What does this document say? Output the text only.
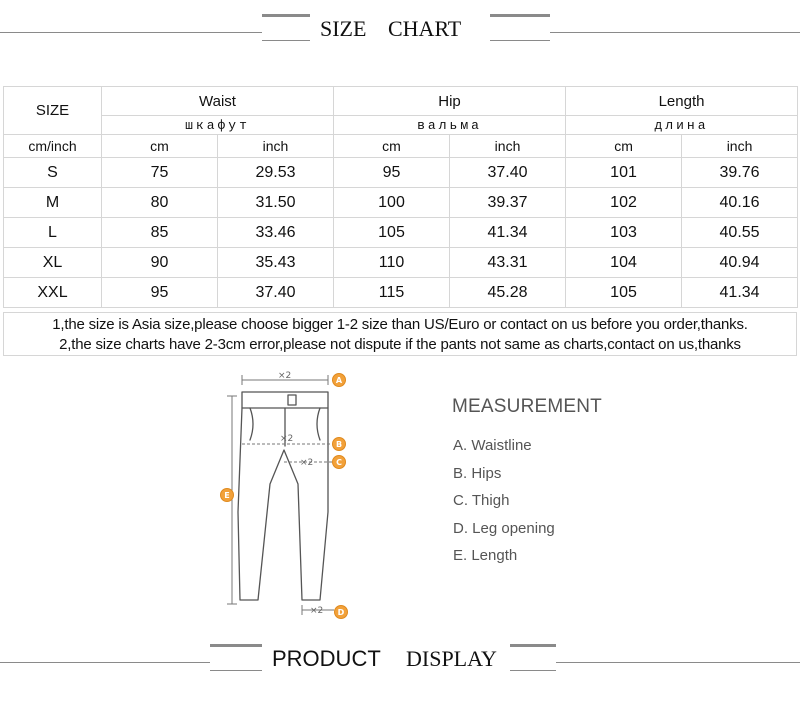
SIZE CHART
SIZE	Waist		Hip		Length	
	шкафут		вальма		длина	
cm/inch	cm	inch	cm	inch	cm	inch
S	75	29.53	95	37.40	101	39.76
M	80	31.50	100	39.37	102	40.16
L	85	33.46	105	41.34	103	40.55
XL	90	35.43	110	43.31	104	40.94
XXL	95	37.40	115	45.28	105	41.34

1,the size is Asia size,please choose bigger 1-2 size than US/Euro or contact on us before you order,thanks.

2,the size charts have 2-3cm error,please not dispute if the pants not same as charts,contact on us,thanks

×2
×2
×2
×2
A
B
C
D
E
MEASUREMENT
A. Waistline
B. Hips
C. Thigh
D. Leg opening
E. Length
PRODUCT DISPLAY
